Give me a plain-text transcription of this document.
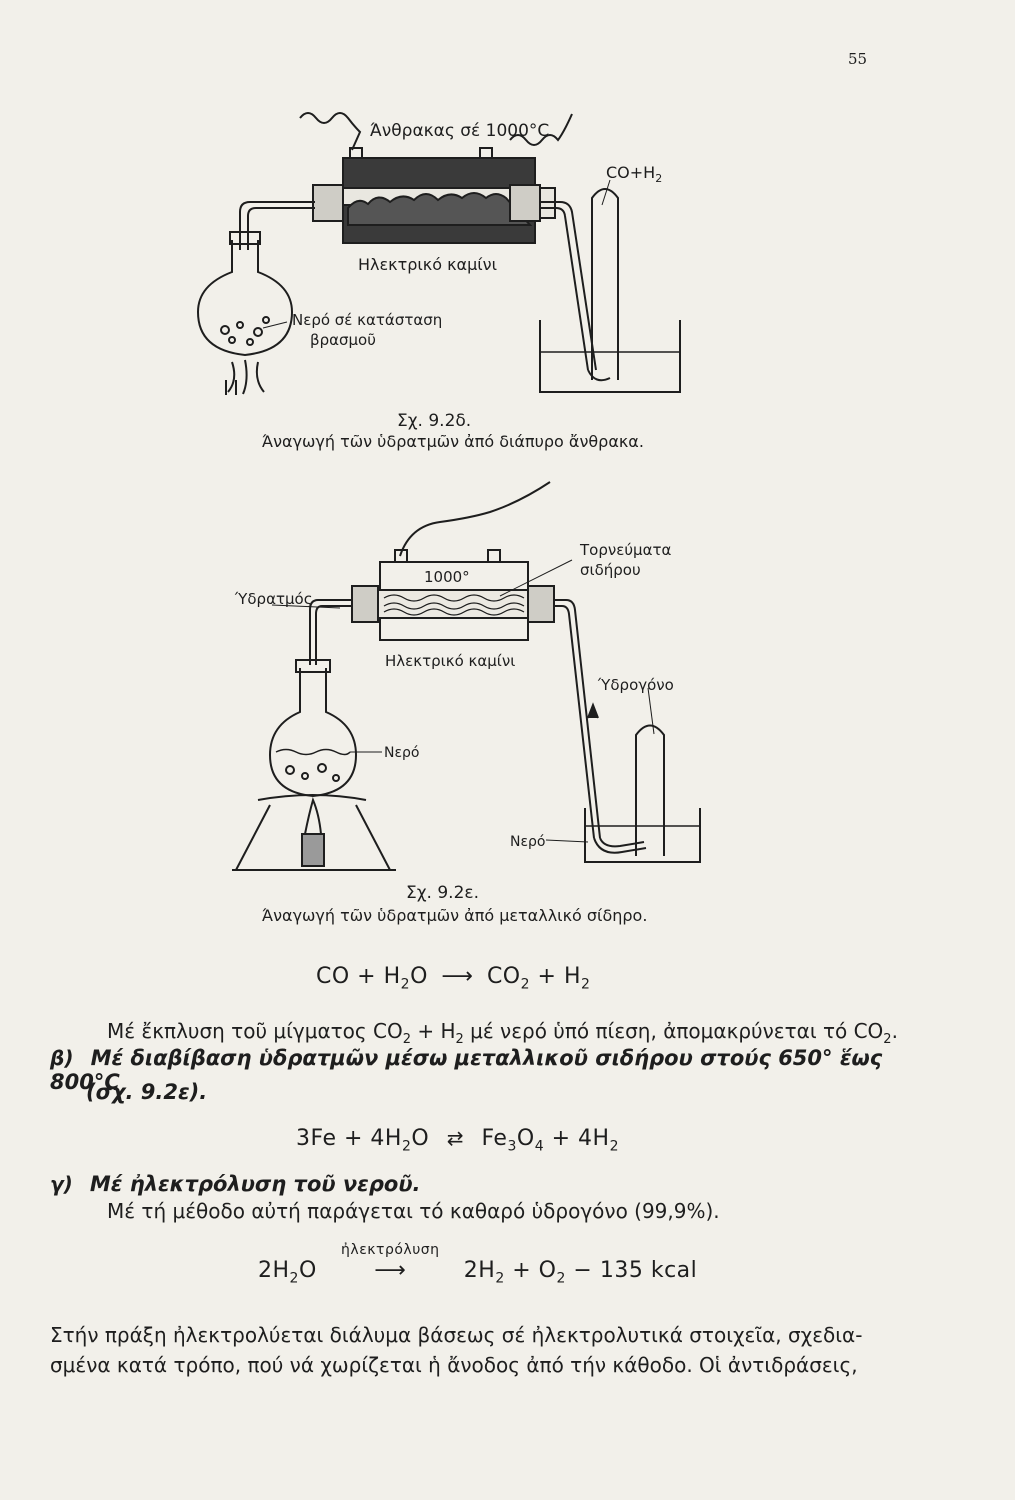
55
Άνθρακας σέ 1000°C
$CO+H_2$
Ηλεκτρικό καμίνι
Νερό σέ κατάσταση
βρασμοῦ
Σχ. 9.2δ.
Άναγωγή τῶν ὑδρατμῶν ἀπό διάπυρο ἄνθρακα.
Ύδρατμός
1000°
Τορνεύματα
σιδήρου
Ηλεκτρικό καμίνι
Ύδρογόνο
Νερό
Νερό
Σχ. 9.2ε.
Άναγωγή τῶν ὑδρατμῶν ἀπό μεταλλικό σίδηρο.
CO + $H_2O$ ⟶ $CO_2 + H_2$
Μέ ἔκπλυση τοῦ μίγματος $CO_2 + H_2$ μέ νερό ὑπό πίεση, ἀπομακρύνεται τό $CO_2$.
β) Μέ διαβίβαση ὑδρατμῶν μέσω μεταλλικοῦ σιδήρου στούς 650° ἕως 800°C
(σχ. 9.2ε).
$3Fe + 4H_2O$ ⇄ $Fe_3O_4 + 4H_2$
γ) Μέ ἠλεκτρόλυση τοῦ νεροῦ.
Μέ τή μέθοδο αὐτή παράγεται τό καθαρό ὑδρογόνο (99,9%).
$2H_2O$
ἠλεκτρόλυση
⟶	$2H_2 + O_2 - 135$ kcal
Στήν πράξη ἠλεκτρολύεται διάλυμα βάσεως σέ ἠλεκτρολυτικά στοιχεῖα, σχεδια-
σμένα κατά τρόπο, πού νά χωρίζεται ἡ ἄνοδος ἀπό τήν κάθοδο. Οἱ ἀντιδράσεις,
